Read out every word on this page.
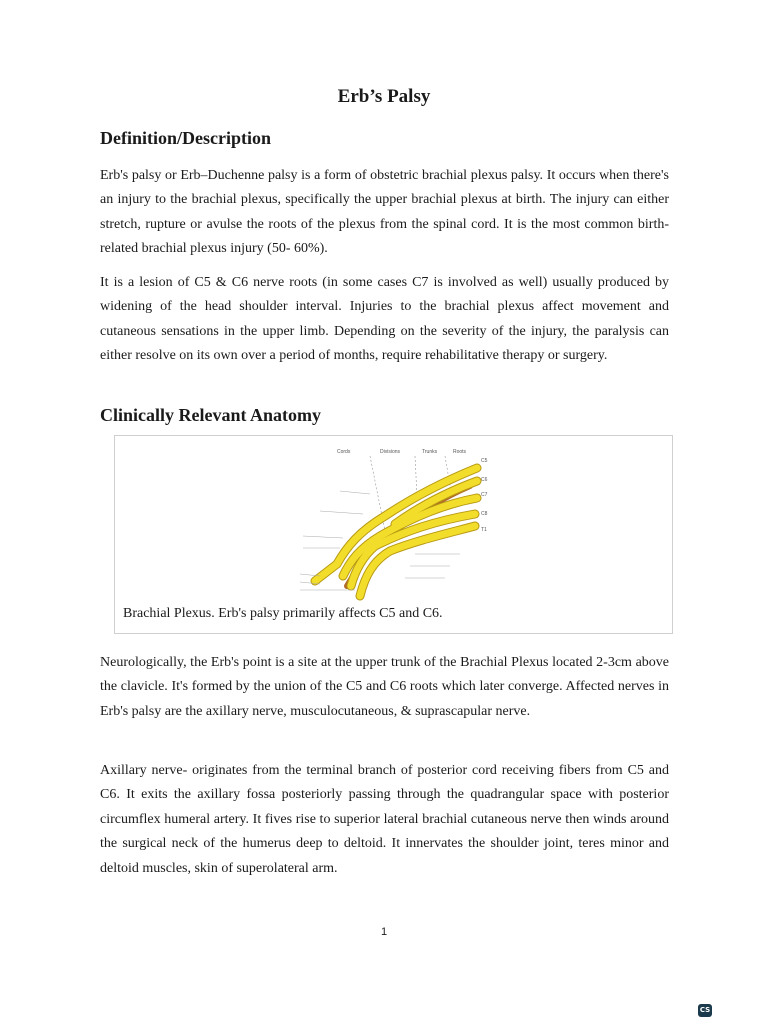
Erb’s Palsy
Definition/Description

Erb's palsy or Erb–Duchenne palsy is a form of obstetric brachial plexus palsy. It occurs when there's an injury to the brachial plexus, specifically the upper brachial plexus at birth. The injury can either stretch, rupture or avulse the roots of the plexus from the spinal cord. It is the most common birth-related brachial plexus injury (50- 60%).

It is a lesion of C5 & C6 nerve roots (in some cases C7 is involved as well) usually produced by widening of the head shoulder interval. Injuries to the brachial plexus affect movement and cutaneous sensations in the upper limb. Depending on the severity of the injury, the paralysis can either resolve on its own over a period of months, require rehabilitative therapy or surgery.

Clinically Relevant Anatomy
Cords	Divisions	Trunks	Roots
C5
C6
C7
C8
T1

Brachial Plexus. Erb's palsy primarily affects C5 and C6.

Neurologically, the Erb's point is a site at the upper trunk of the Brachial Plexus located 2-3cm above the clavicle. It's formed by the union of the C5 and C6 roots which later converge. Affected nerves in Erb's palsy are the axillary nerve, musculocutaneous, & suprascapular nerve.

Axillary nerve- originates from the terminal branch of posterior cord receiving fibers from C5 and C6. It exits the axillary fossa posteriorly passing through the quadrangular space with posterior circumflex humeral artery. It fives rise to superior lateral brachial cutaneous nerve then winds around the surgical neck of the humerus deep to deltoid. It innervates the shoulder joint, teres minor and deltoid muscles, skin of superolateral arm.

1
CS
